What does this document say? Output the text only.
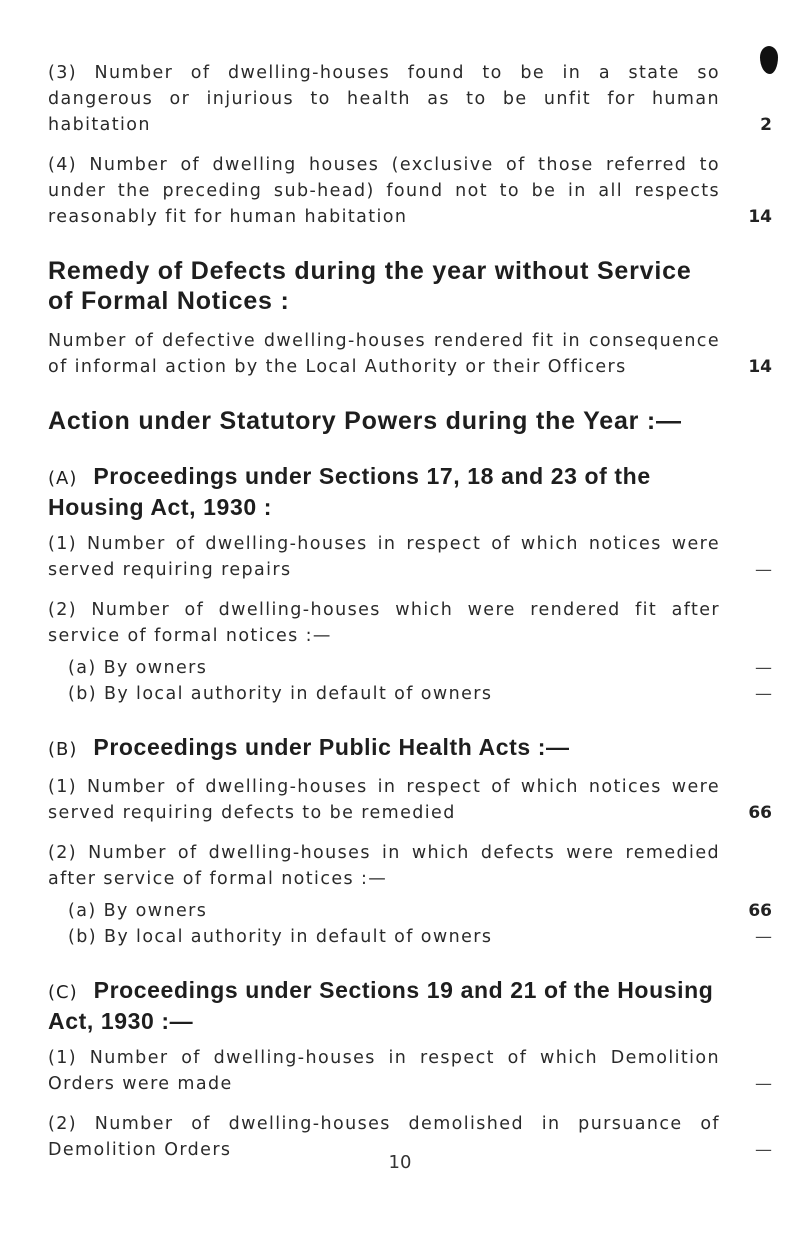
(3) Number of dwelling-houses found to be in a state so dangerous or injurious to health as to be unfit for human habitation	2

(4) Number of dwelling houses (exclusive of those referred to under the preceding sub-head) found not to be in all respects reasonably fit for human habitation	14

Remedy of Defects during the year without Service of Formal Notices :

Number of defective dwelling-houses rendered fit in consequence of informal action by the Local Authority or their Officers	14

Action under Statutory Powers during the Year :—
(A) Proceedings under Sections 17, 18 and 23 of the Housing Act, 1930 :

(1) Number of dwelling-houses in respect of which notices were served requiring repairs	—

(2) Number of dwelling-houses which were rendered fit after service of formal notices :—

(a) By owners	—

(b) By local authority in default of owners	—

(B) Proceedings under Public Health Acts :—

(1) Number of dwelling-houses in respect of which notices were served requiring defects to be remedied	66

(2) Number of dwelling-houses in which defects were remedied after service of formal notices :—

(a) By owners	66

(b) By local authority in default of owners	—

(C) Proceedings under Sections 19 and 21 of the Housing Act, 1930 :—

(1) Number of dwelling-houses in respect of which Demolition Orders were made	—

(2) Number of dwelling-houses demolished in pursuance of Demolition Orders	—

10
